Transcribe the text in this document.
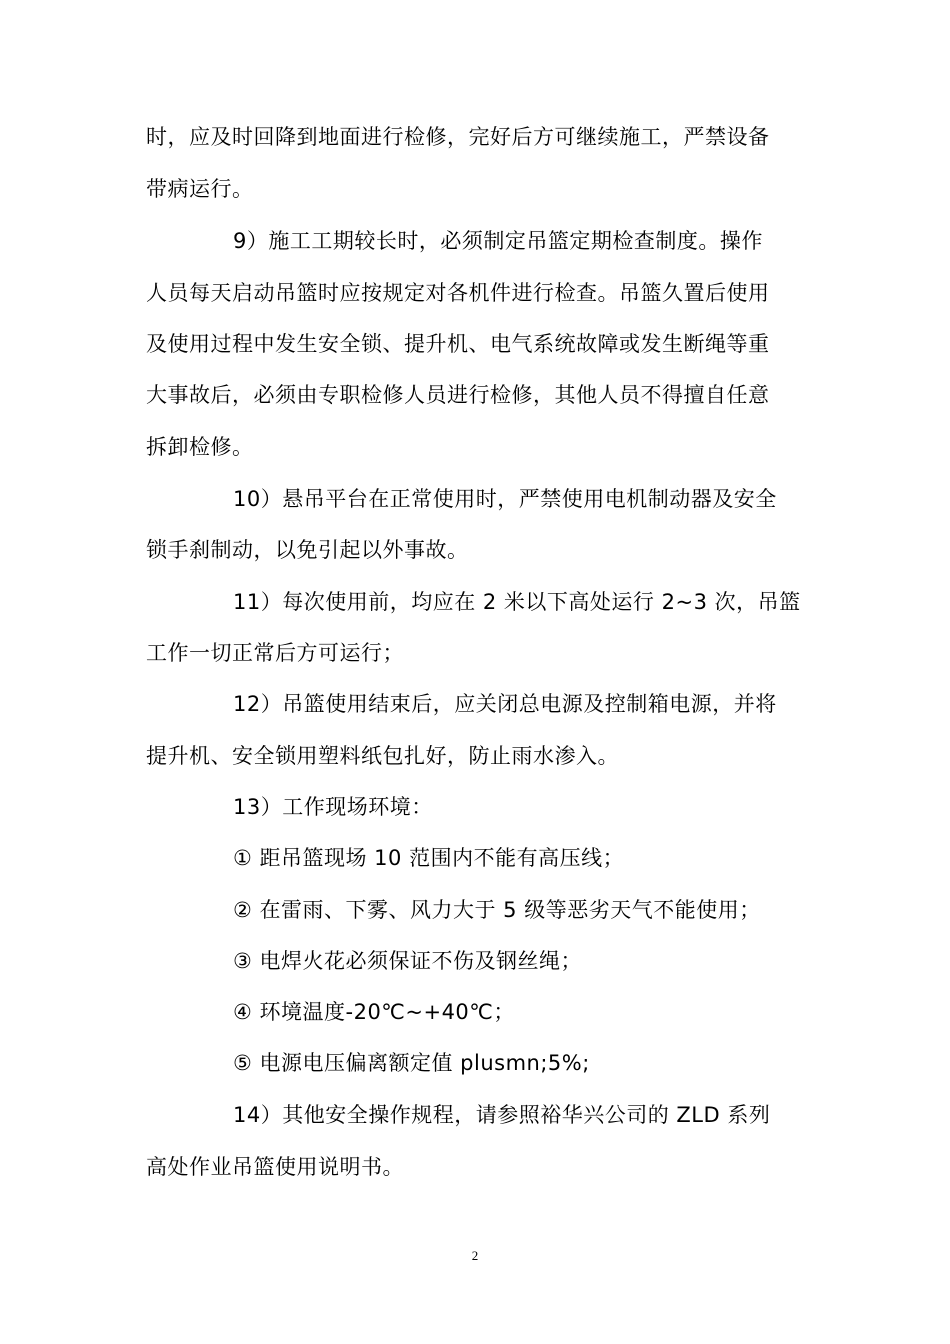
时，应及时回降到地面进行检修，完好后方可继续施工，严禁设备
带病运行。
9）施工工期较长时，必须制定吊篮定期检查制度。操作
人员每天启动吊篮时应按规定对各机件进行检查。吊篮久置后使用
及使用过程中发生安全锁、提升机、电气系统故障或发生断绳等重
大事故后，必须由专职检修人员进行检修，其他人员不得擅自任意
拆卸检修。
10）悬吊平台在正常使用时，严禁使用电机制动器及安全
锁手刹制动，以免引起以外事故。
11）每次使用前，均应在 2 米以下高处运行 2~3 次，吊篮
工作一切正常后方可运行；
12）吊篮使用结束后，应关闭总电源及控制箱电源，并将
提升机、安全锁用塑料纸包扎好，防止雨水渗入。
13）工作现场环境：
① 距吊篮现场 10 范围内不能有高压线；
② 在雷雨、下雾、风力大于 5 级等恶劣天气不能使用；
③ 电焊火花必须保证不伤及钢丝绳；
④ 环境温度-20℃~+40℃；
⑤ 电源电压偏离额定值 plusmn;5%;
14）其他安全操作规程，请参照裕华兴公司的 ZLD 系列
高处作业吊篮使用说明书。
2
